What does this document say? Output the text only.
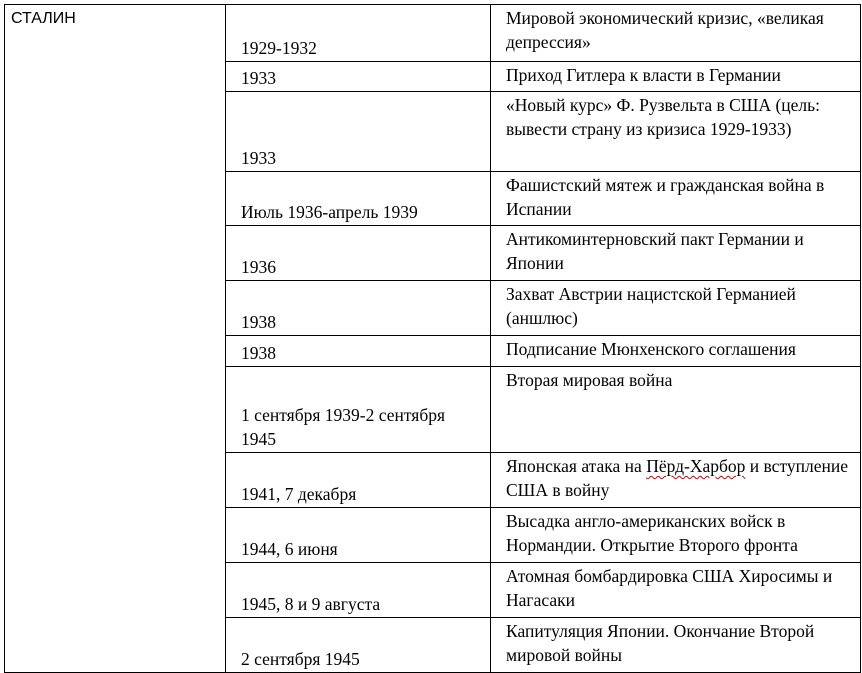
СТАЛИН	1929-1932	Мировой экономический кризис, «великая депрессия»
	1933	Приход Гитлера к власти в Германии
	1933	«Новый курс» Ф. Рузвельта в США (цель: вывести страну из кризиса 1929-1933)
	Июль 1936-апрель 1939	Фашистский мятеж и гражданская война в Испании
	1936	Антикоминтерновский пакт Германии и Японии
	1938	Захват Австрии нацистской Германией (аншлюс)
	1938	Подписание Мюнхенского соглашения
	1 сентября 1939-2 сентября 1945	Вторая мировая война
	1941, 7 декабря	Японская атака на Пёрд-Харбор и вступление США в войну
	1944, 6 июня	Высадка англо-американских войск в Нормандии. Открытие Второго фронта
	1945, 8 и 9 августа	Атомная бомбардировка США Хиросимы и Нагасаки
	2 сентября 1945	Капитуляция Японии. Окончание Второй мировой войны
